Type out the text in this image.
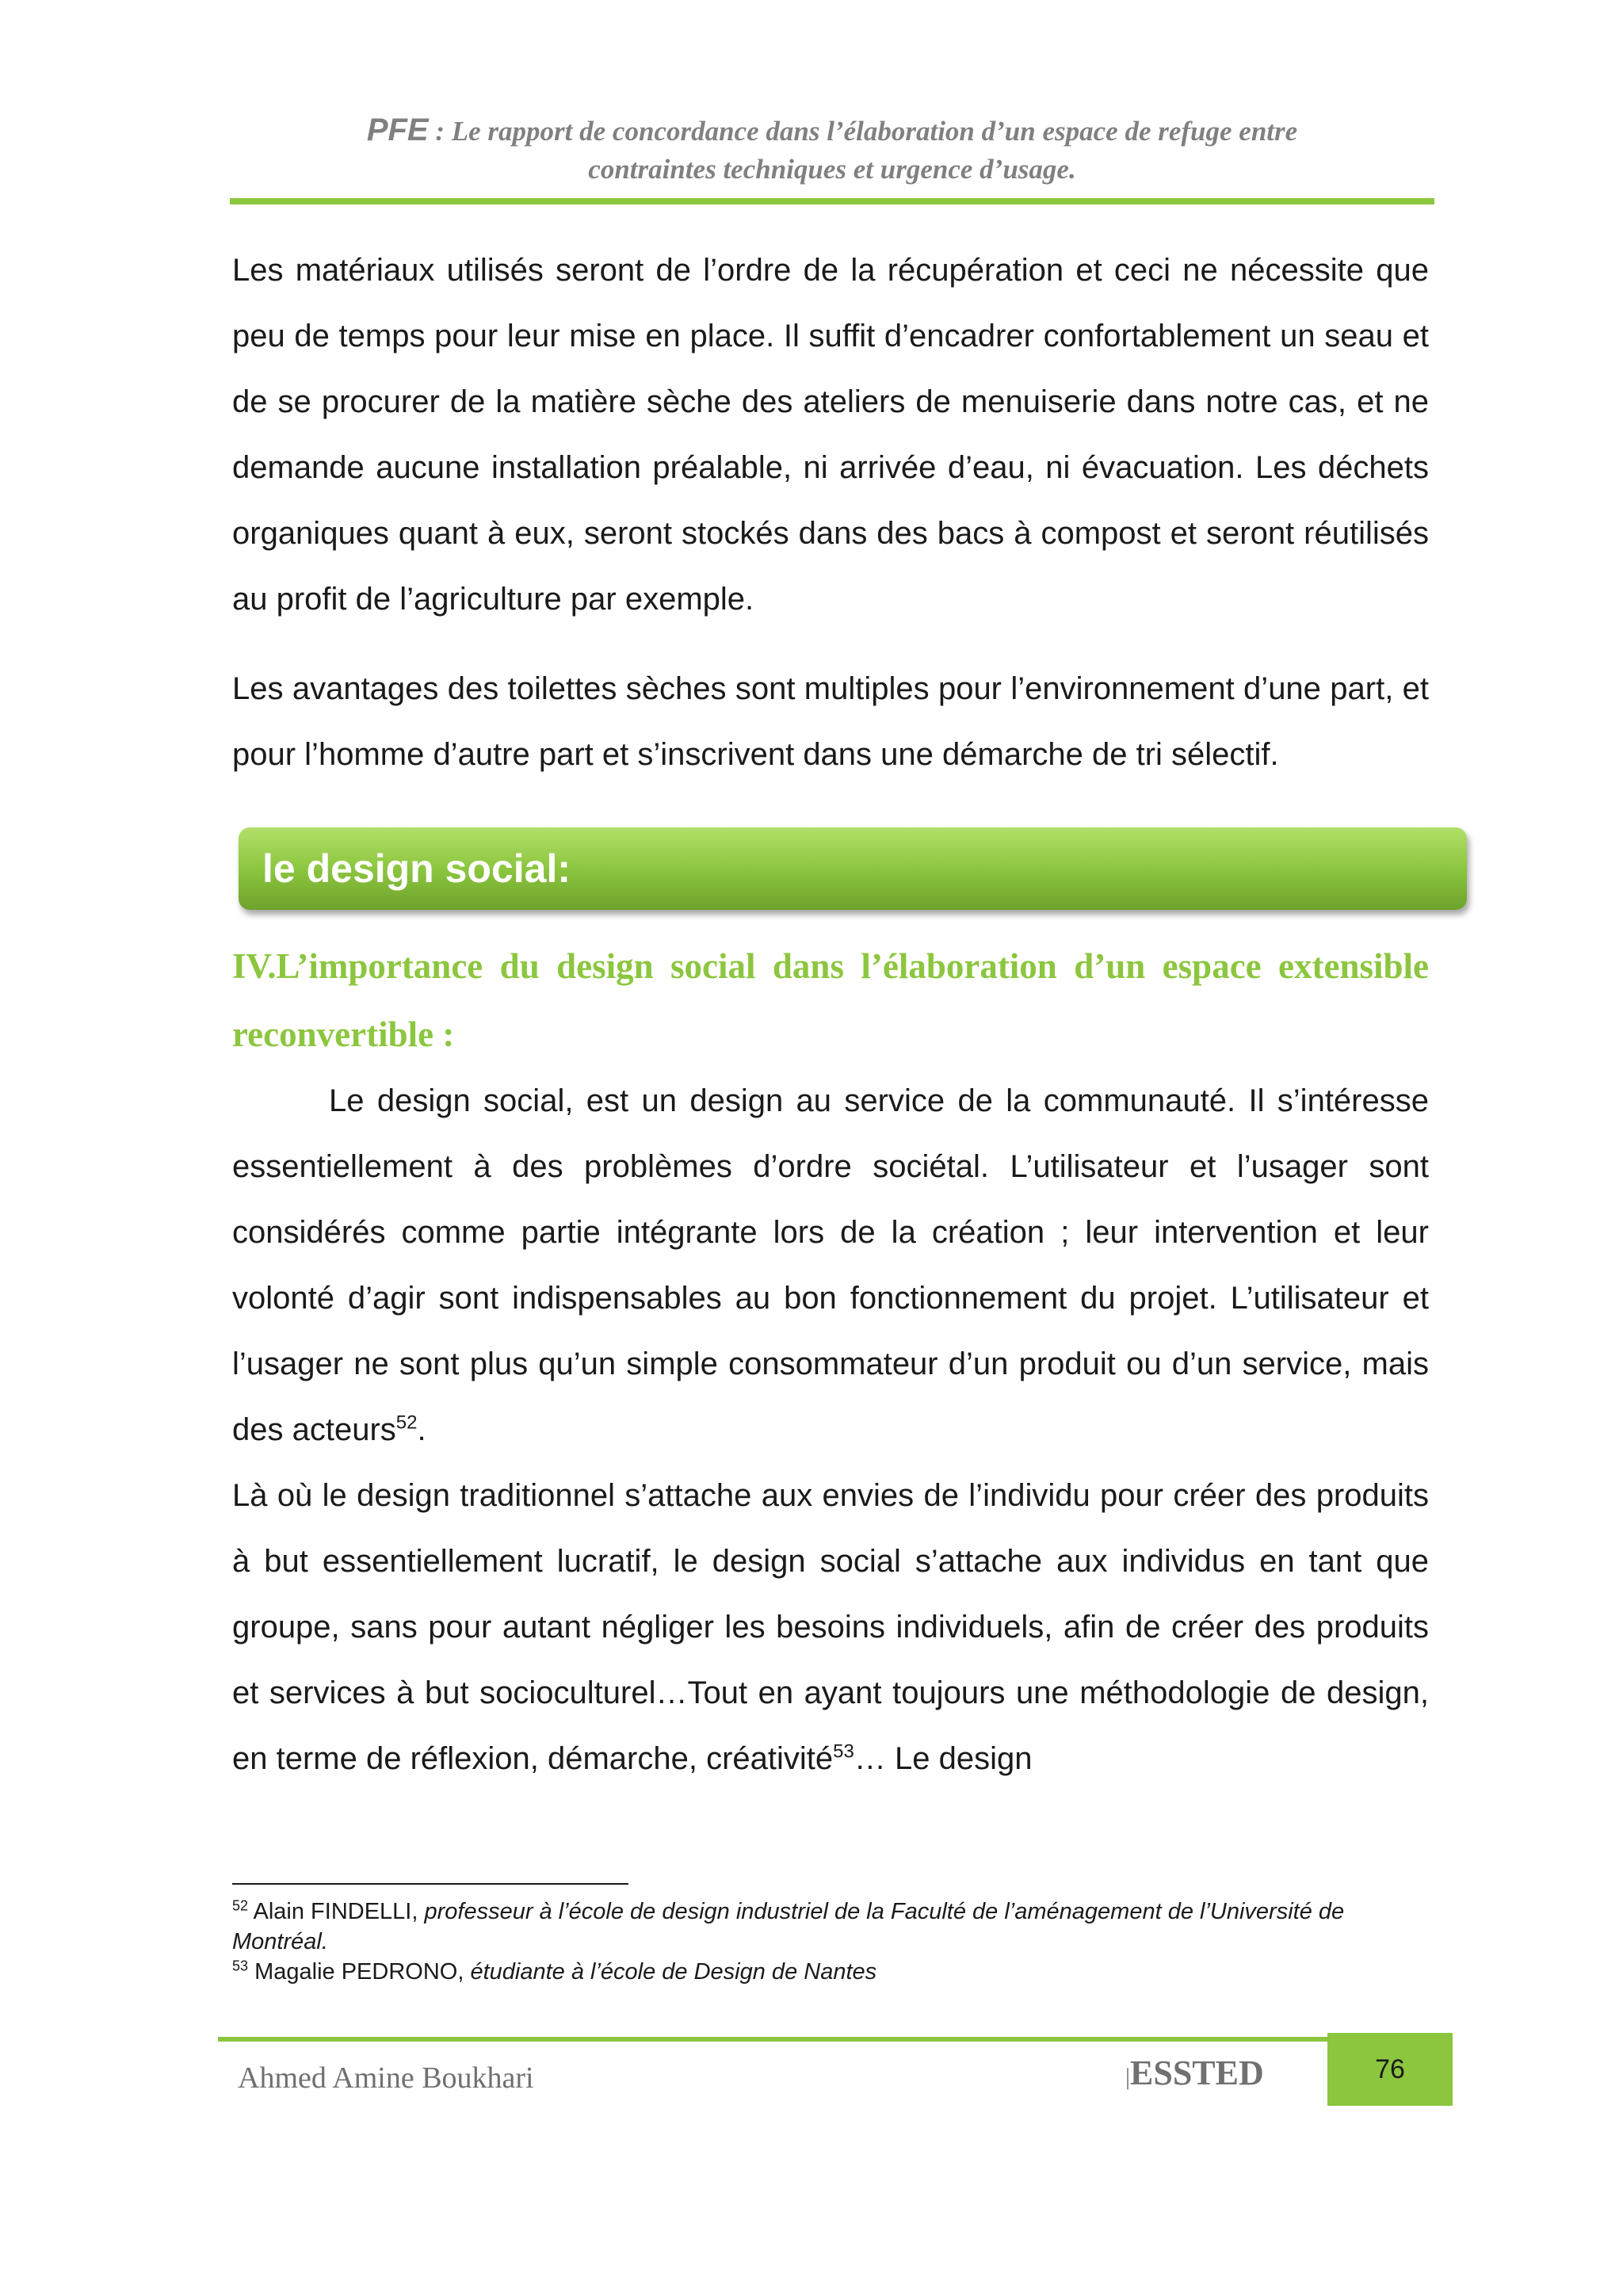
PFE : Le rapport de concordance dans l’élaboration d’un espace de refuge entre
contraintes techniques et urgence d’usage.

Les matériaux utilisés seront de l’ordre de la récupération et ceci ne nécessite que peu de temps pour leur mise en place. Il suffit d’encadrer confortablement un seau et de se procurer de la matière sèche des ateliers de menuiserie dans notre cas, et ne demande aucune installation préalable, ni arrivée d’eau, ni évacuation. Les déchets organiques quant à eux, seront stockés dans des bacs à compost et seront réutilisés au profit de l’agriculture par exemple.

Les avantages des toilettes sèches sont multiples pour l’environnement d’une part, et pour l’homme d’autre part et s’inscrivent dans une démarche de tri sélectif.

le design social:

IV.L’importance du design social dans l’élaboration d’un espace extensible reconvertible :

Le design social, est un design au service de la communauté. Il s’intéresse essentiellement à des problèmes d’ordre sociétal. L’utilisateur et l’usager sont considérés comme partie intégrante lors de la création ; leur intervention et leur volonté d’agir sont indispensables au bon fonctionnement du projet. L’utilisateur et l’usager ne sont plus qu’un simple consommateur d’un produit ou d’un service, mais des acteurs$^{52}$.

Là où le design traditionnel s’attache aux envies de l’individu pour créer des produits à but essentiellement lucratif, le design social s’attache aux individus en tant que groupe, sans pour autant négliger les besoins individuels, afin de créer des produits et services à but socioculturel…Tout en ayant toujours une méthodologie de design, en terme de réflexion, démarche, créativité$^{53}$… Le design

$^{52}$ Alain FINDELLI, professeur à l’école de design industriel de la Faculté de l’aménagement de l’Université de Montréal.

$^{53}$ Magalie PEDRONO, étudiante à l’école de Design de Nantes

Ahmed Amine Boukhari	|ESSTED	76
